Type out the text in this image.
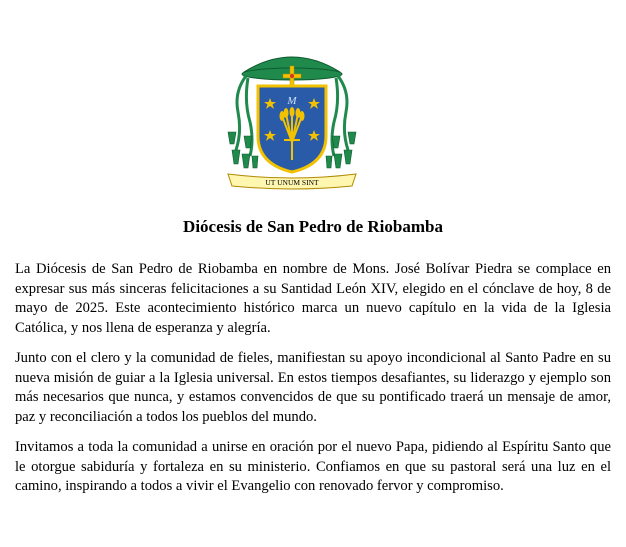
M
UT UNUM SINT
Diócesis de San Pedro de Riobamba

La Diócesis de San Pedro de Riobamba en nombre de Mons. José Bolívar Piedra se complace en expresar sus más sinceras felicitaciones a su Santidad León XIV, elegido en el cónclave de hoy, 8 de mayo de 2025. Este acontecimiento histórico marca un nuevo capítulo en la vida de la Iglesia Católica, y nos llena de esperanza y alegría.

Junto con el clero y la comunidad de fieles, manifiestan su apoyo incondicional al Santo Padre en su nueva misión de guiar a la Iglesia universal. En estos tiempos desafiantes, su liderazgo y ejemplo son más necesarios que nunca, y estamos convencidos de que su pontificado traerá un mensaje de amor, paz y reconciliación a todos los pueblos del mundo.

Invitamos a toda la comunidad a unirse en oración por el nuevo Papa, pidiendo al Espíritu Santo que le otorgue sabiduría y fortaleza en su ministerio. Confiamos en que su pastoral será una luz en el camino, inspirando a todos a vivir el Evangelio con renovado fervor y compromiso.
